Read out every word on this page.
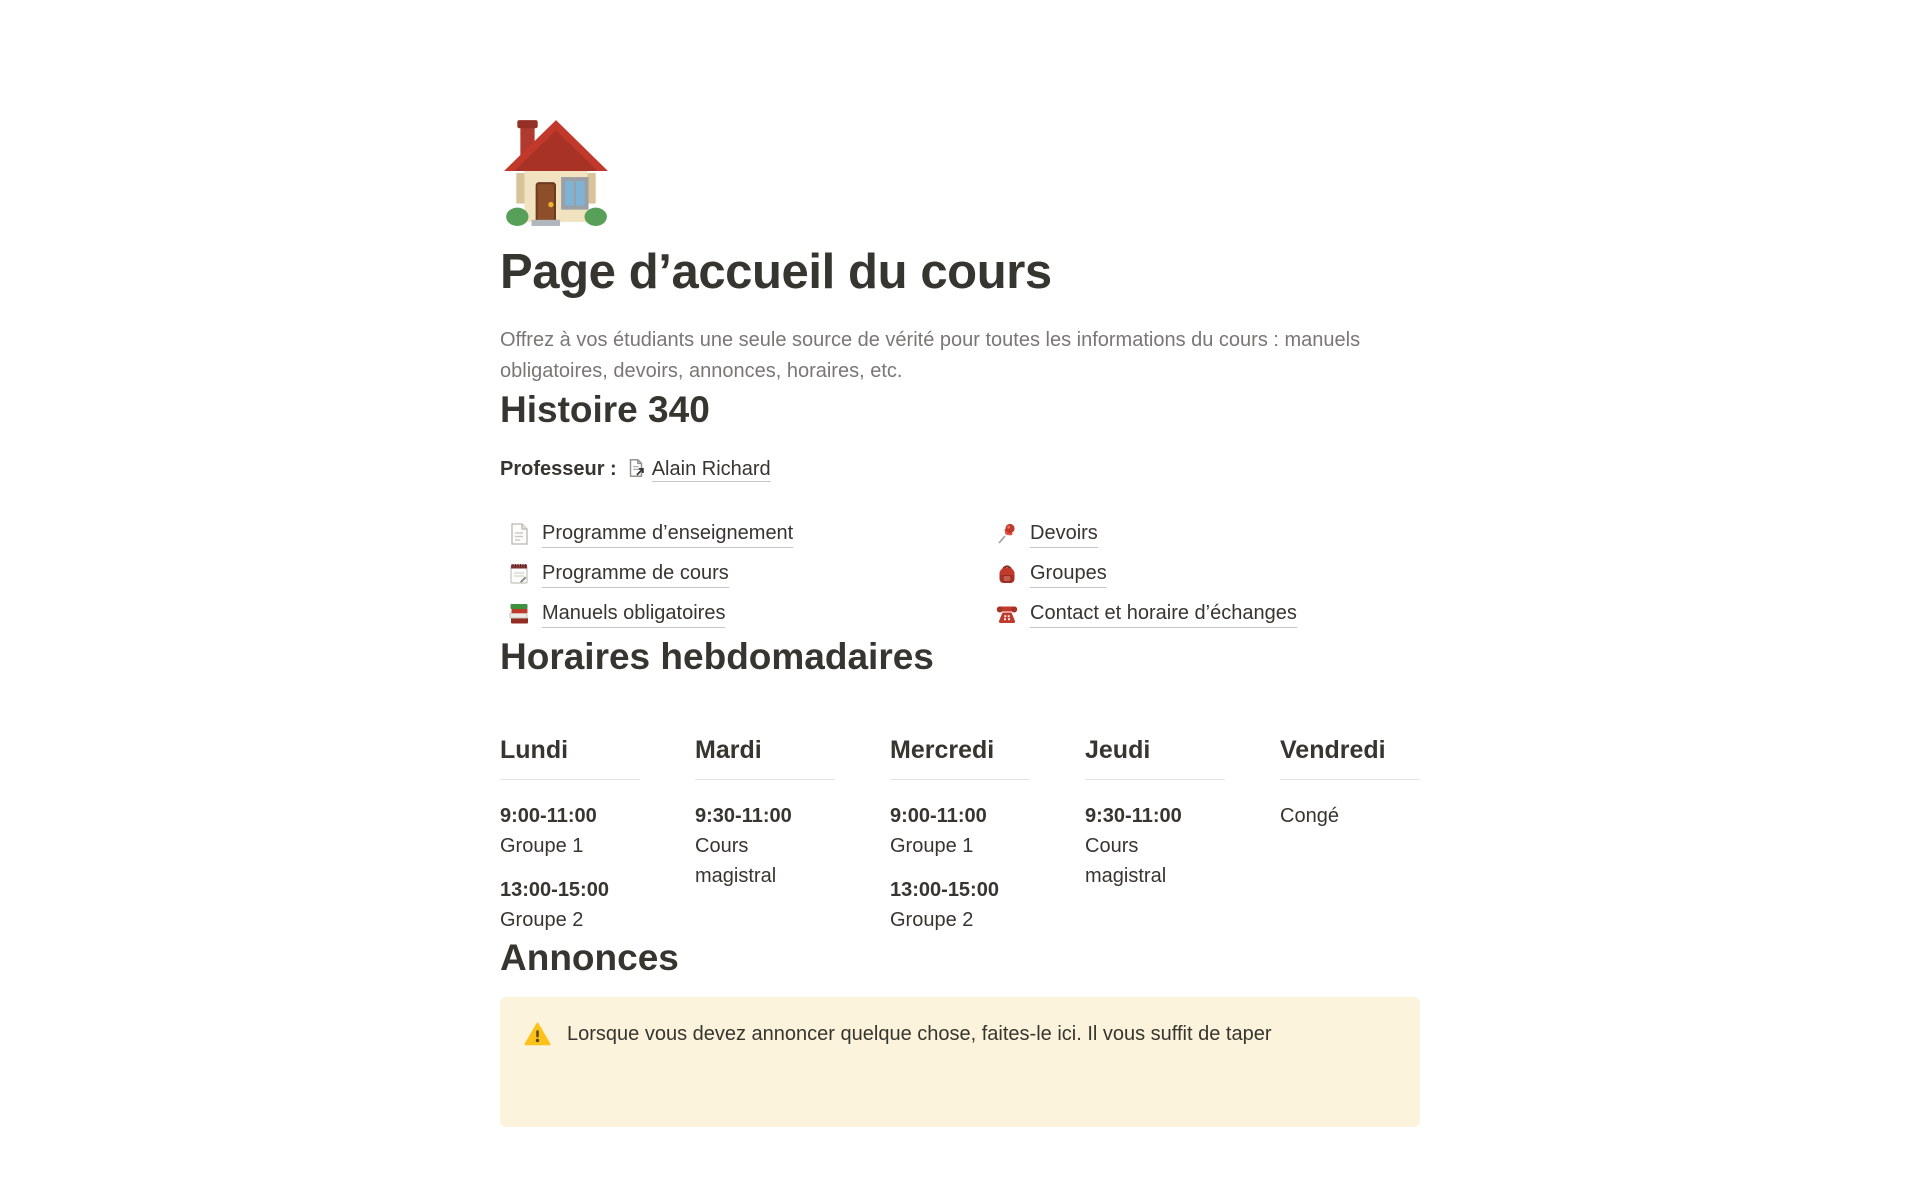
Page d’accueil du cours

Offrez à vos étudiants une seule source de vérité pour toutes les informations du cours : manuels obligatoires, devoirs, annonces, horaires, etc.

Histoire 340
Professeur : Alain Richard
Programme d’enseignement
Programme de cours
Manuels obligatoires
Devoirs
Groupes
Contact et horaire d’échanges
Horaires hebdomadaires
Lundi
9:00-11:00
Groupe 1
13:00-15:00
Groupe 2
Mardi
9:30-11:00
Cours magistral
Mercredi
9:00-11:00
Groupe 1
13:00-15:00
Groupe 2
Jeudi
9:30-11:00
Cours magistral
Vendredi
Congé
Annonces

Lorsque vous devez annoncer quelque chose, faites-le ici. Il vous suffit de taper
